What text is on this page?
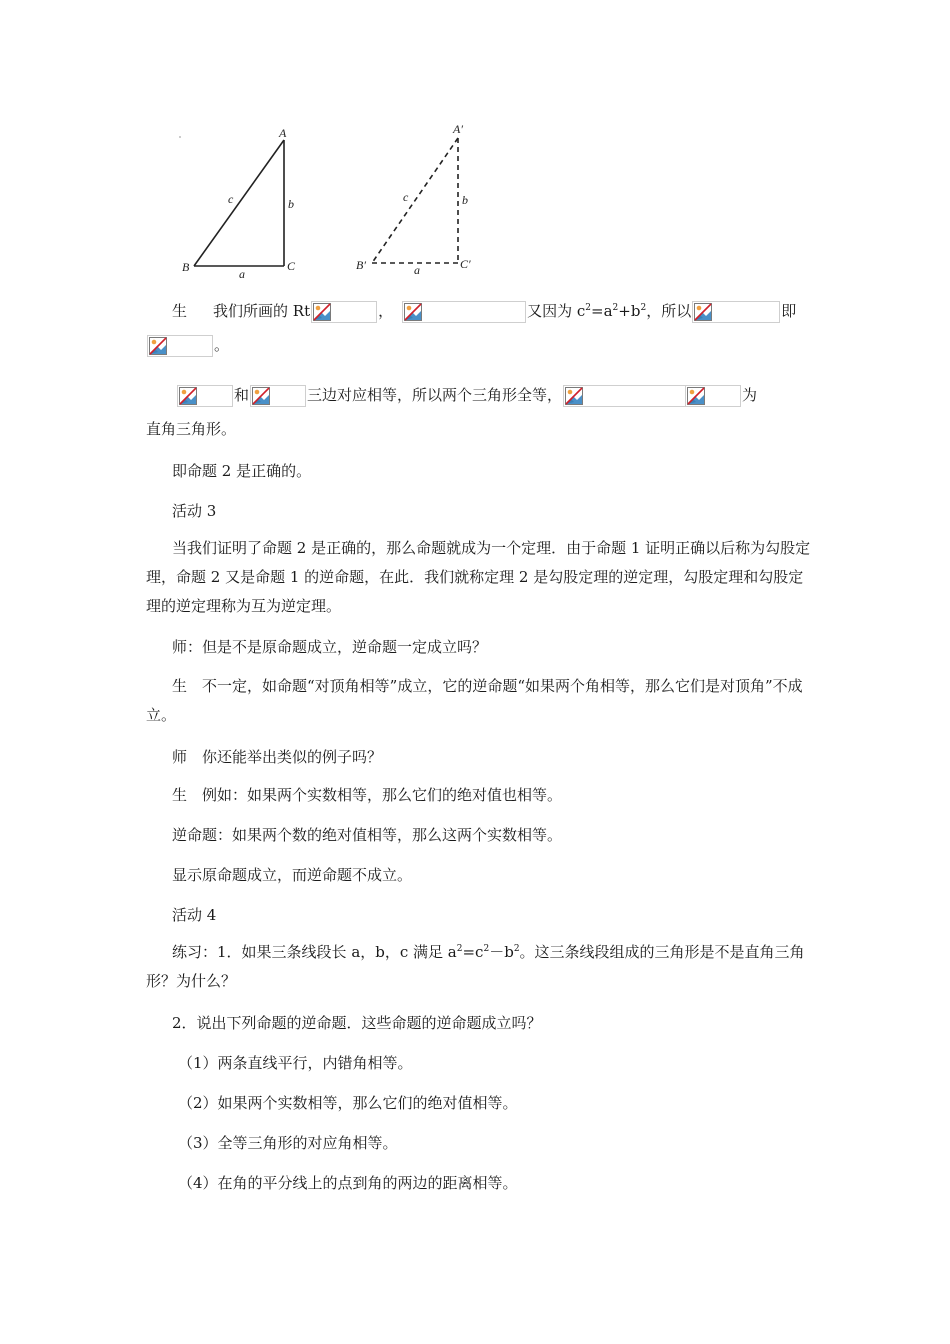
A
B	C
a
b
c
A′
B′	C′
a
b
c
生 我们所画的 Rt	，	又因为 $c^2=a^2+b^2$，所以	即
。
和	三边对应相等，所以两个三角形全等，	为
直角三角形。
即命题 2 是正确的。
活动 3
当我们证明了命题 2 是正确的，那么命题就成为一个定理．由于命题 1 证明正确以后称为勾股定理，命题 2 又是命题 1 的逆命题，在此．我们就称定理 2 是勾股定理的逆定理，勾股定理和勾股定理的逆定理称为互为逆定理。
师：但是不是原命题成立，逆命题一定成立吗？
生　不一定，如命题“对顶角相等”成立，它的逆命题“如果两个角相等，那么它们是对顶角”不成立。
师　你还能举出类似的例子吗？
生　例如：如果两个实数相等，那么它们的绝对值也相等。
逆命题：如果两个数的绝对值相等，那么这两个实数相等。
显示原命题成立，而逆命题不成立。
活动 4
练习：1．如果三条线段长 a，b，c 满足 $a^2=c^2-b^2$。这三条线段组成的三角形是不是直角三角形？为什么？
2．说出下列命题的逆命题．这些命题的逆命题成立吗？
（1）两条直线平行，内错角相等。
（2）如果两个实数相等，那么它们的绝对值相等。
（3）全等三角形的对应角相等。
（4）在角的平分线上的点到角的两边的距离相等。
